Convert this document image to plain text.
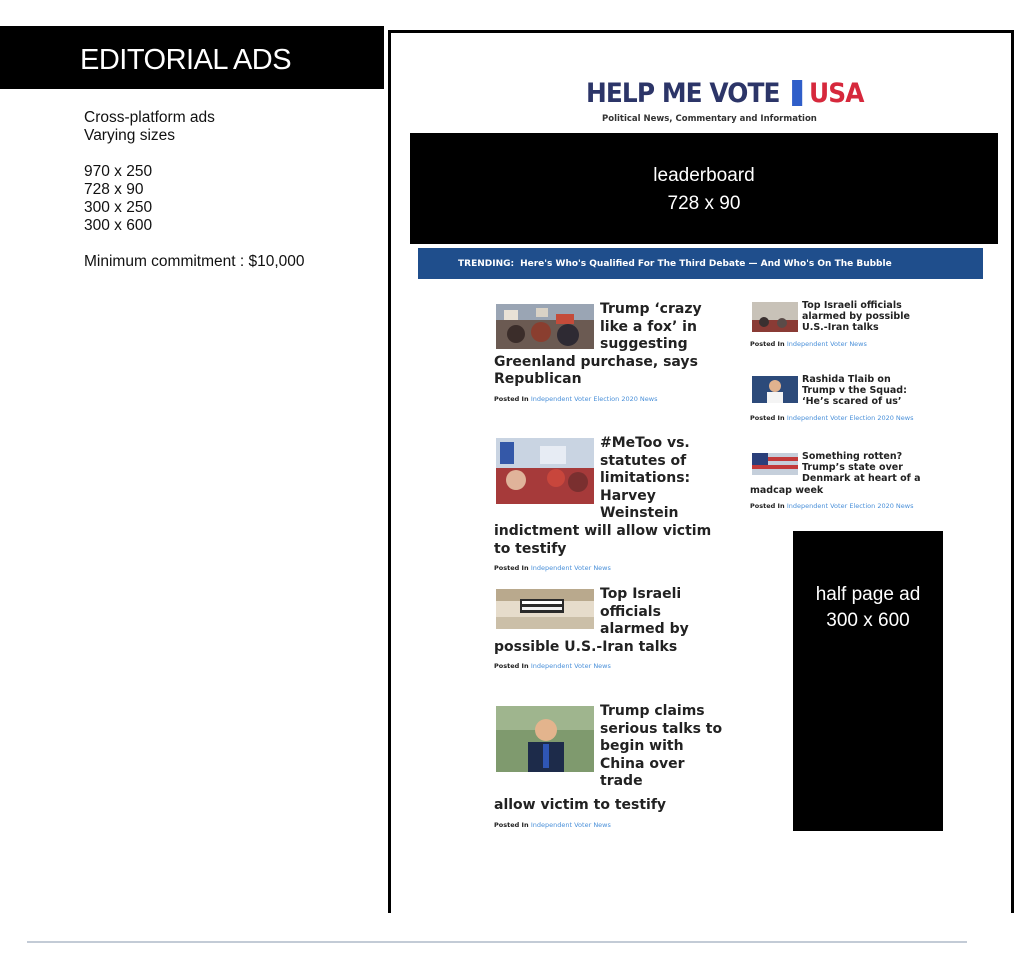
EDITORIAL ADS
Cross-platform ads
Varying sizes
970 x 250
728 x 90
300 x 250
300 x 600
Minimum commitment : $10,000
HELP ME VOTE USA
Political News, Commentary and Information
leaderboard
728 x 90
TRENDING: Here's Who's Qualified For The Third Debate — And Who's On The Bubble
Trump ‘crazy like a fox’ in suggesting Greenland purchase, says Republican
Posted In Independent Voter Election 2020 News
#MeToo vs. statutes of limitations: Harvey Weinstein indictment will allow victim to testify
Posted In Independent Voter News
Top Israeli officials alarmed by possible U.S.-Iran talks
Posted In Independent Voter News
Trump claims serious talks to begin with China over trade
allow victim to testify
Posted In Independent Voter News
Top Israeli officials alarmed by possible U.S.-Iran talks
Posted In Independent Voter News
Rashida Tlaib on Trump v the Squad: ‘He’s scared of us’
Posted In Independent Voter Election 2020 News
Something rotten? Trump’s state over Denmark at heart of a madcap week
Posted In Independent Voter Election 2020 News
half page ad
300 x 600
